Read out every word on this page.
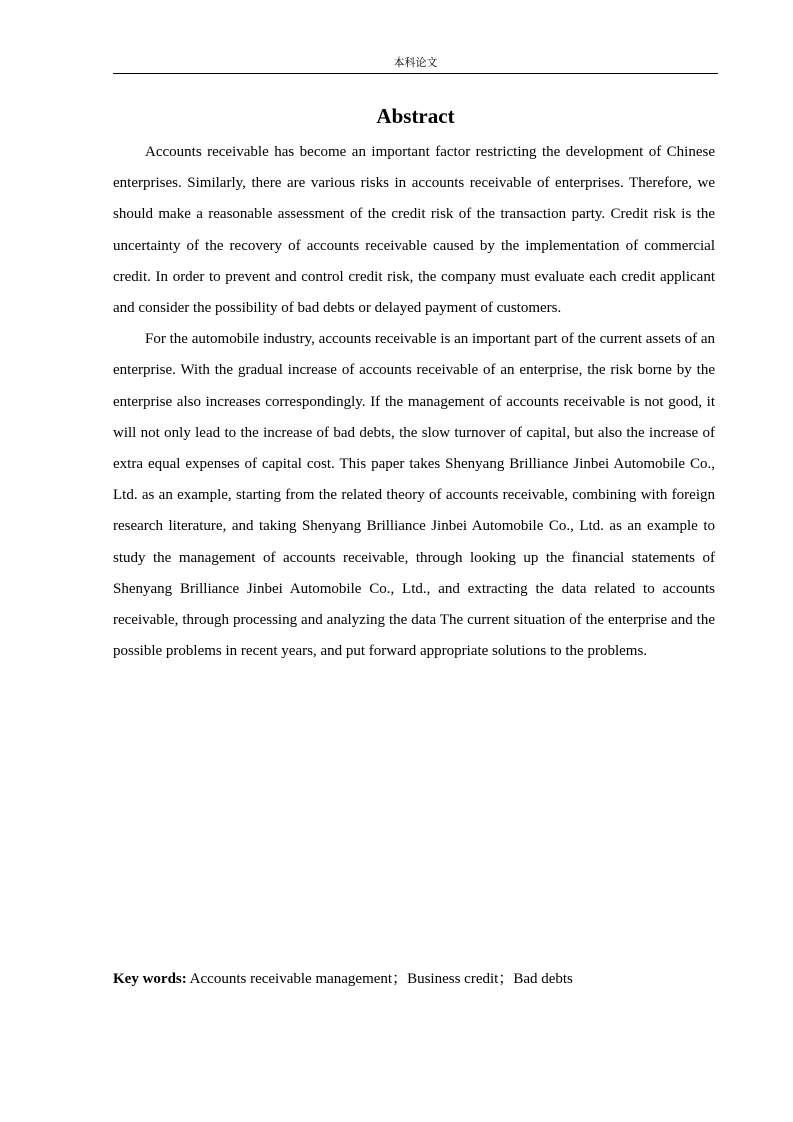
本科论文
Abstract

Accounts receivable has become an important factor restricting the development of Chinese enterprises. Similarly, there are various risks in accounts receivable of enterprises. Therefore, we should make a reasonable assessment of the credit risk of the transaction party. Credit risk is the uncertainty of the recovery of accounts receivable caused by the implementation of commercial credit. In order to prevent and control credit risk, the company must evaluate each credit applicant and consider the possibility of bad debts or delayed payment of customers.

For the automobile industry, accounts receivable is an important part of the current assets of an enterprise. With the gradual increase of accounts receivable of an enterprise, the risk borne by the enterprise also increases correspondingly. If the management of accounts receivable is not good, it will not only lead to the increase of bad debts, the slow turnover of capital, but also the increase of extra equal expenses of capital cost. This paper takes Shenyang Brilliance Jinbei Automobile Co., Ltd. as an example, starting from the related theory of accounts receivable, combining with foreign research literature, and taking Shenyang Brilliance Jinbei Automobile Co., Ltd. as an example to study the management of accounts receivable, through looking up the financial statements of Shenyang Brilliance Jinbei Automobile Co., Ltd., and extracting the data related to accounts receivable, through processing and analyzing the data The current situation of the enterprise and the possible problems in recent years, and put forward appropriate solutions to the problems.

Key words: Accounts receivable management；Business credit；Bad debts
